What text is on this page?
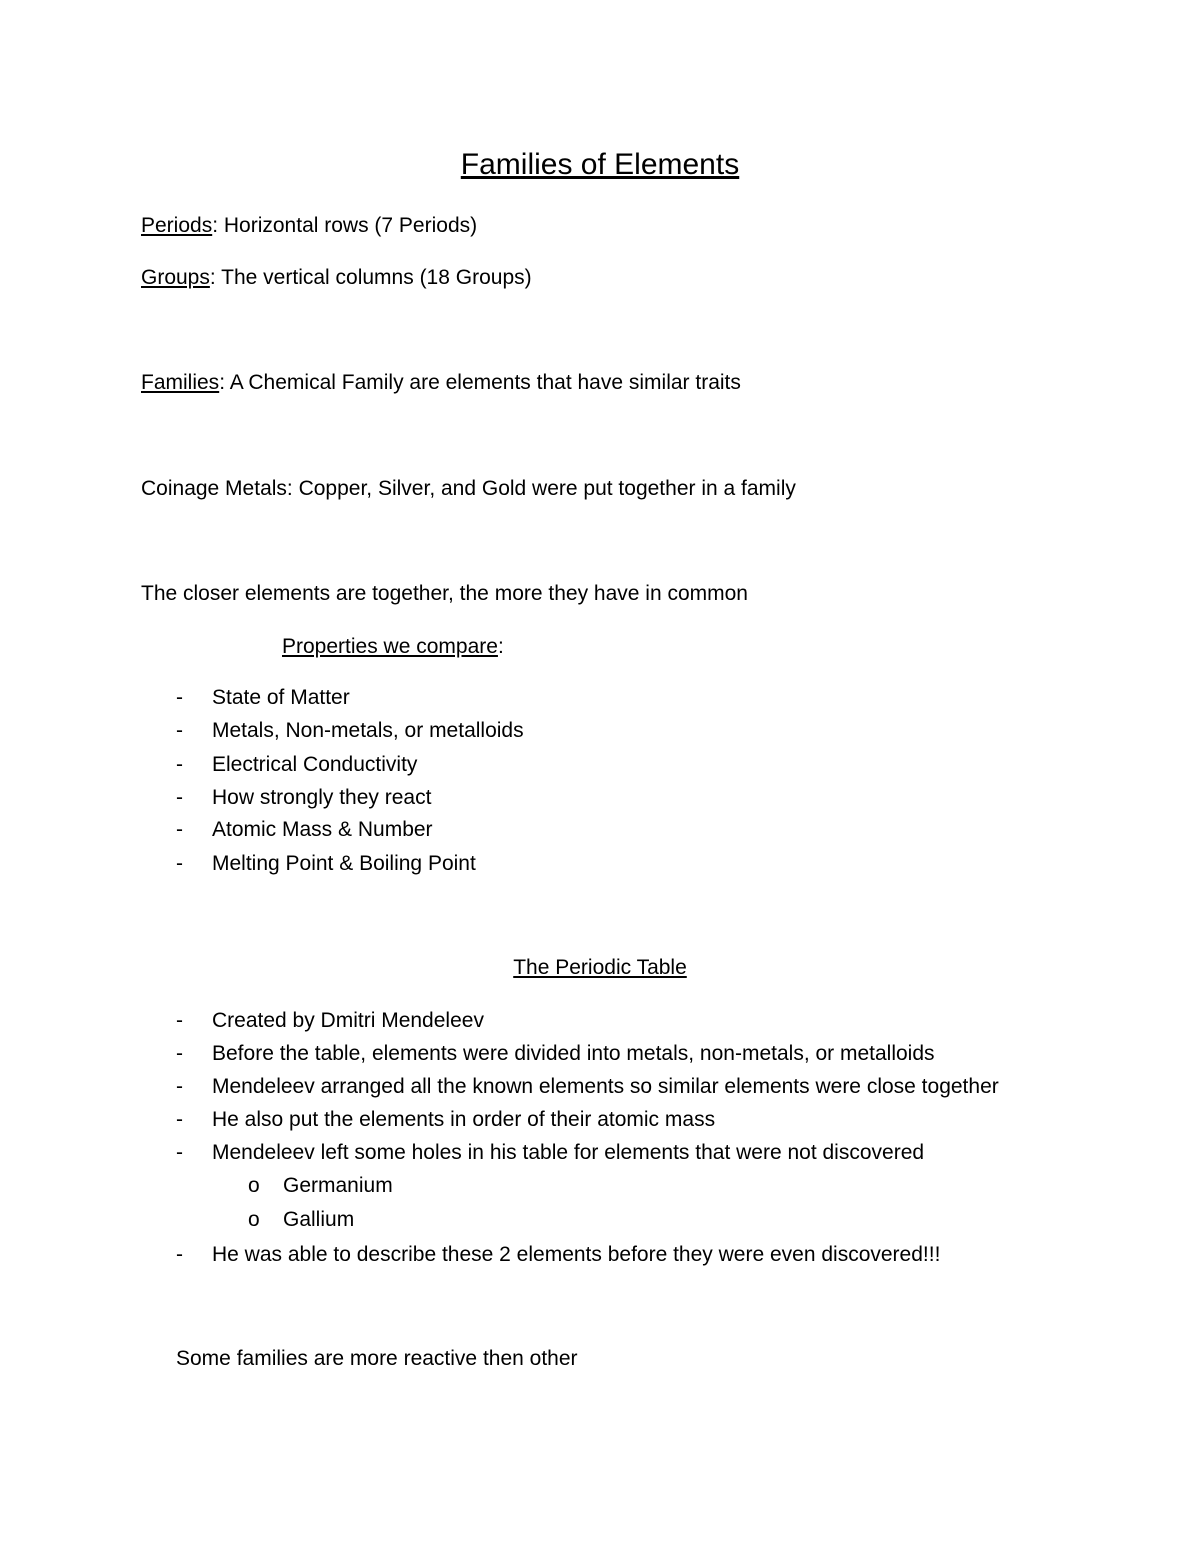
Families of Elements
Periods: Horizontal rows (7 Periods)
Groups: The vertical columns (18 Groups)
Families: A Chemical Family are elements that have similar traits
Coinage Metals: Copper, Silver, and Gold were put together in a family
The closer elements are together, the more they have in common
Properties we compare:
- State of Matter
- Metals, Non-metals, or metalloids
- Electrical Conductivity
- How strongly they react
- Atomic Mass & Number
- Melting Point & Boiling Point
The Periodic Table
- Created by Dmitri Mendeleev
- Before the table, elements were divided into metals, non-metals, or metalloids
- Mendeleev arranged all the known elements so similar elements were close together
- He also put the elements in order of their atomic mass
- Mendeleev left some holes in his table for elements that were not discovered
o Germanium
o Gallium
- He was able to describe these 2 elements before they were even discovered!!!
Some families are more reactive then other
